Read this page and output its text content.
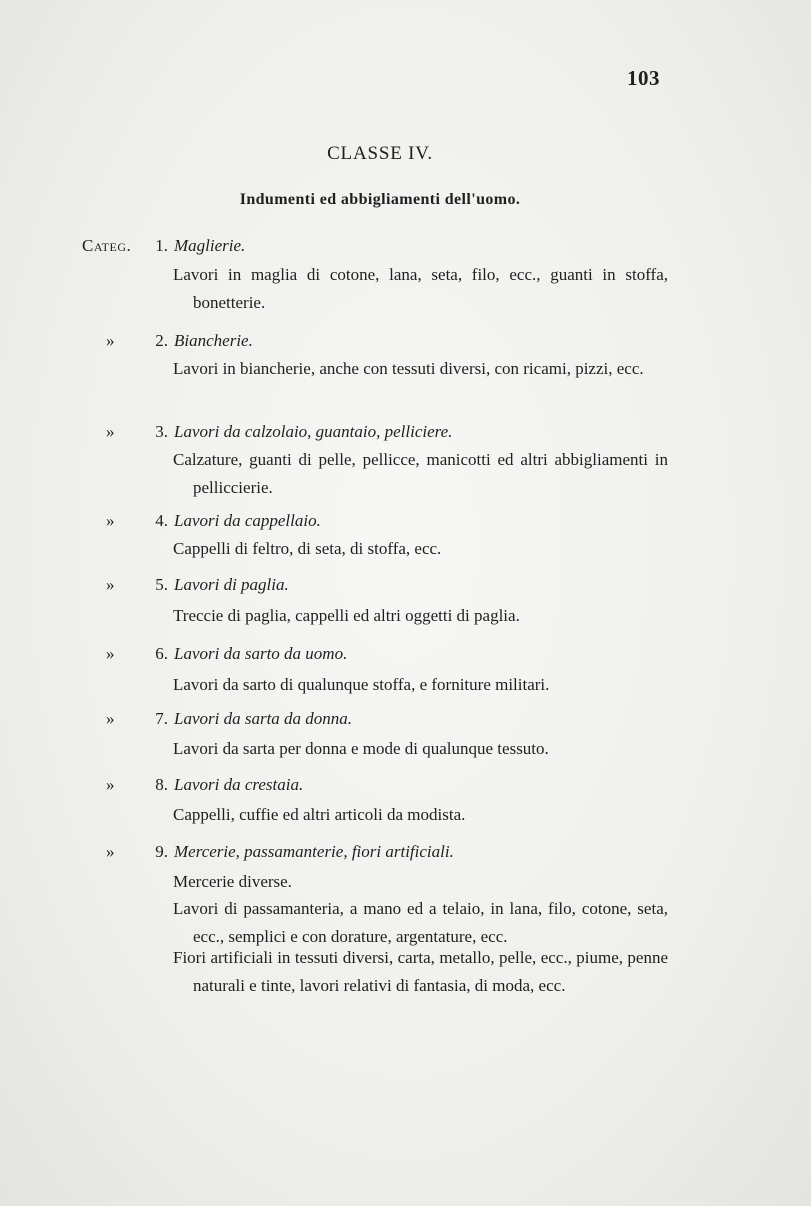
103
CLASSE IV.
Indumenti ed abbigliamenti dell'uomo.
Categ.	1. Maglierie.
Lavori in maglia di cotone, lana, seta, filo, ecc., guanti in stoffa, bonetterie.
»	2. Biancherie.
Lavori in biancherie, anche con tessuti diversi, con ricami, pizzi, ecc.
»	3. Lavori da calzolaio, guantaio, pelliciere.
Calzature, guanti di pelle, pellicce, manicotti ed altri abbigliamenti in pelliccierie.
»	4. Lavori da cappellaio.
Cappelli di feltro, di seta, di stoffa, ecc.
»	5. Lavori di paglia.
Treccie di paglia, cappelli ed altri oggetti di paglia.
»	6. Lavori da sarto da uomo.
Lavori da sarto di qualunque stoffa, e forniture militari.
»	7. Lavori da sarta da donna.
Lavori da sarta per donna e mode di qualunque tessuto.
»	8. Lavori da crestaia.
Cappelli, cuffie ed altri articoli da modista.
»	9. Mercerie, passamanterie, fiori artificiali.
Mercerie diverse.
Lavori di passamanteria, a mano ed a telaio, in lana, filo, cotone, seta, ecc., semplici e con dorature, argentature, ecc.
Fiori artificiali in tessuti diversi, carta, metallo, pelle, ecc., piume, penne naturali e tinte, lavori relativi di fantasia, di moda, ecc.
